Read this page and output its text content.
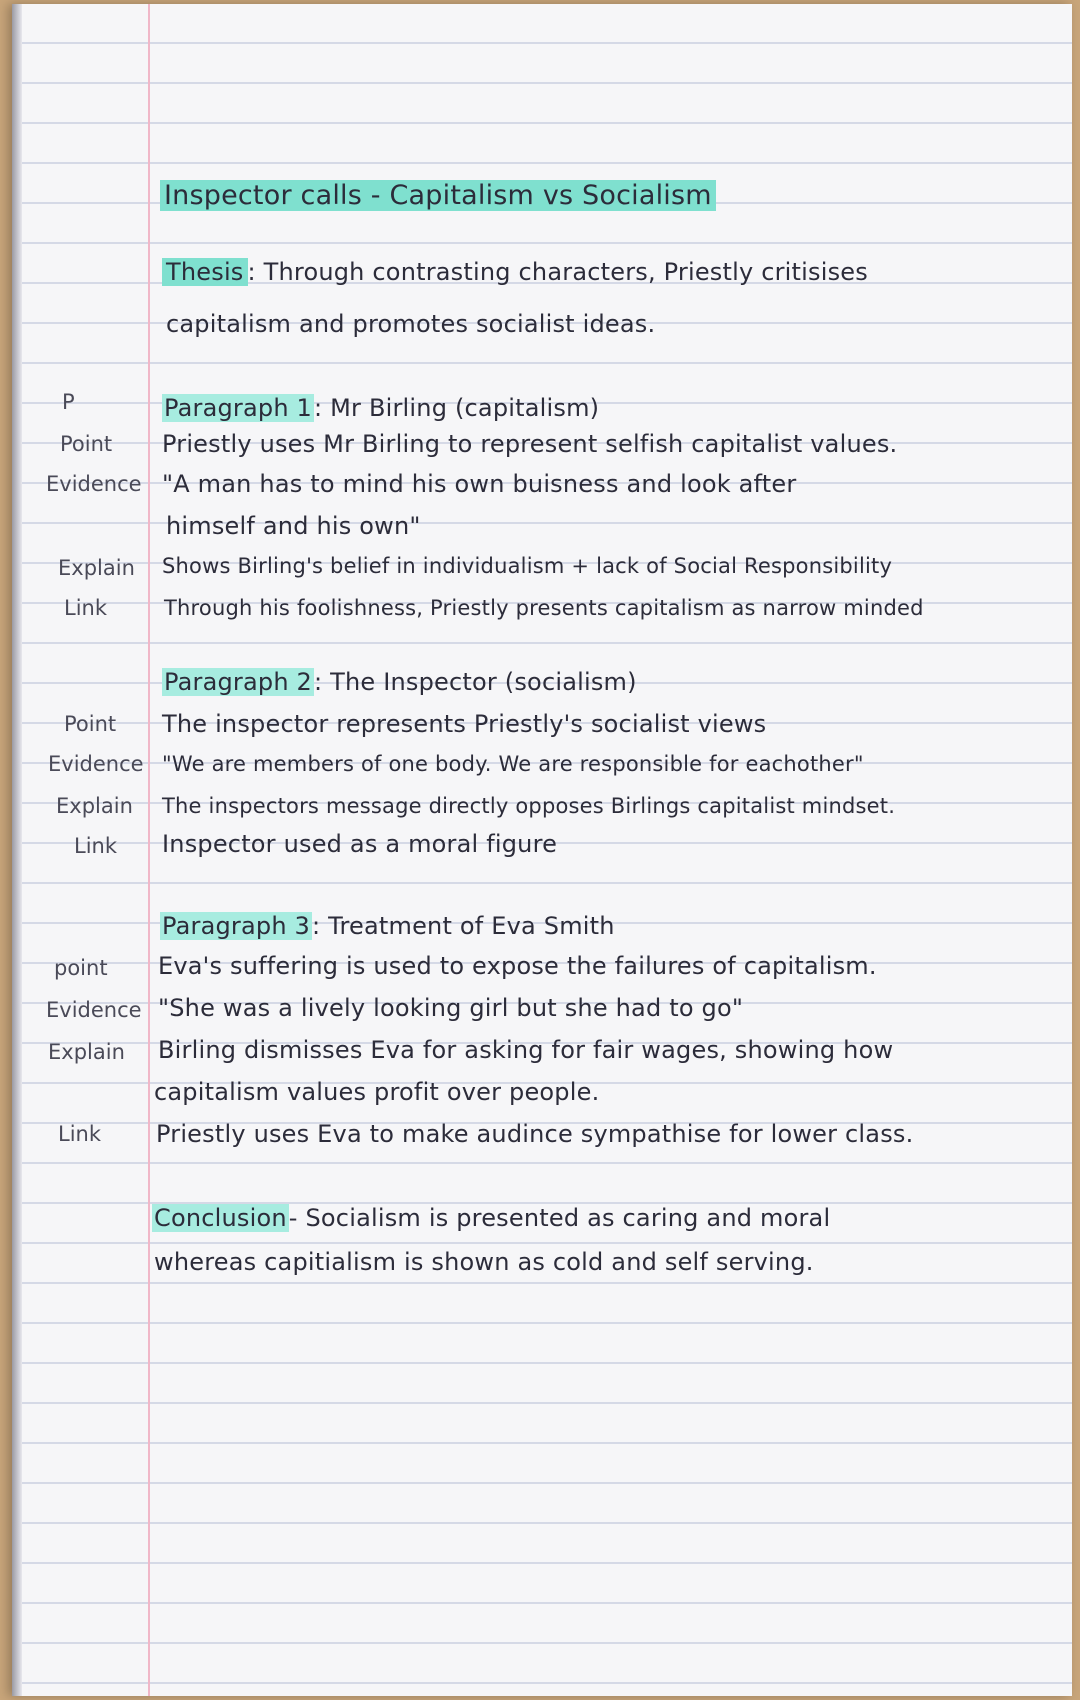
Inspector calls - Capitalism vs Socialism
Thesis : Through contrasting characters, Priestly critisises
capitalism and promotes socialist ideas.
P	Paragraph 1: Mr Birling (capitalism)
Point Priestly uses Mr Birling to represent selfish capitalist values.
Evidence "A man has to mind his own buisness and look after
himself and his own"
Explain Shows Birling's belief in individualism + lack of Social Responsibility
Link	Through his foolishness, Priestly presents capitalism as narrow minded
Paragraph 2: The Inspector (socialism)
Point The inspector represents Priestly's socialist views
Evidence "We are members of one body. We are responsible for eachother"
Explain The inspectors message directly opposes Birlings capitalist mindset.
Link Inspector used as a moral figure
Paragraph 3: Treatment of Eva Smith
point Eva's suffering is used to expose the failures of capitalism.
Evidence "She was a lively looking girl but she had to go"
Explain Birling dismisses Eva for asking for fair wages, showing how
capitalism values profit over people.
Link Priestly uses Eva to make audince sympathise for lower class.
Conclusion- Socialism is presented as caring and moral
whereas capitialism is shown as cold and self serving.
